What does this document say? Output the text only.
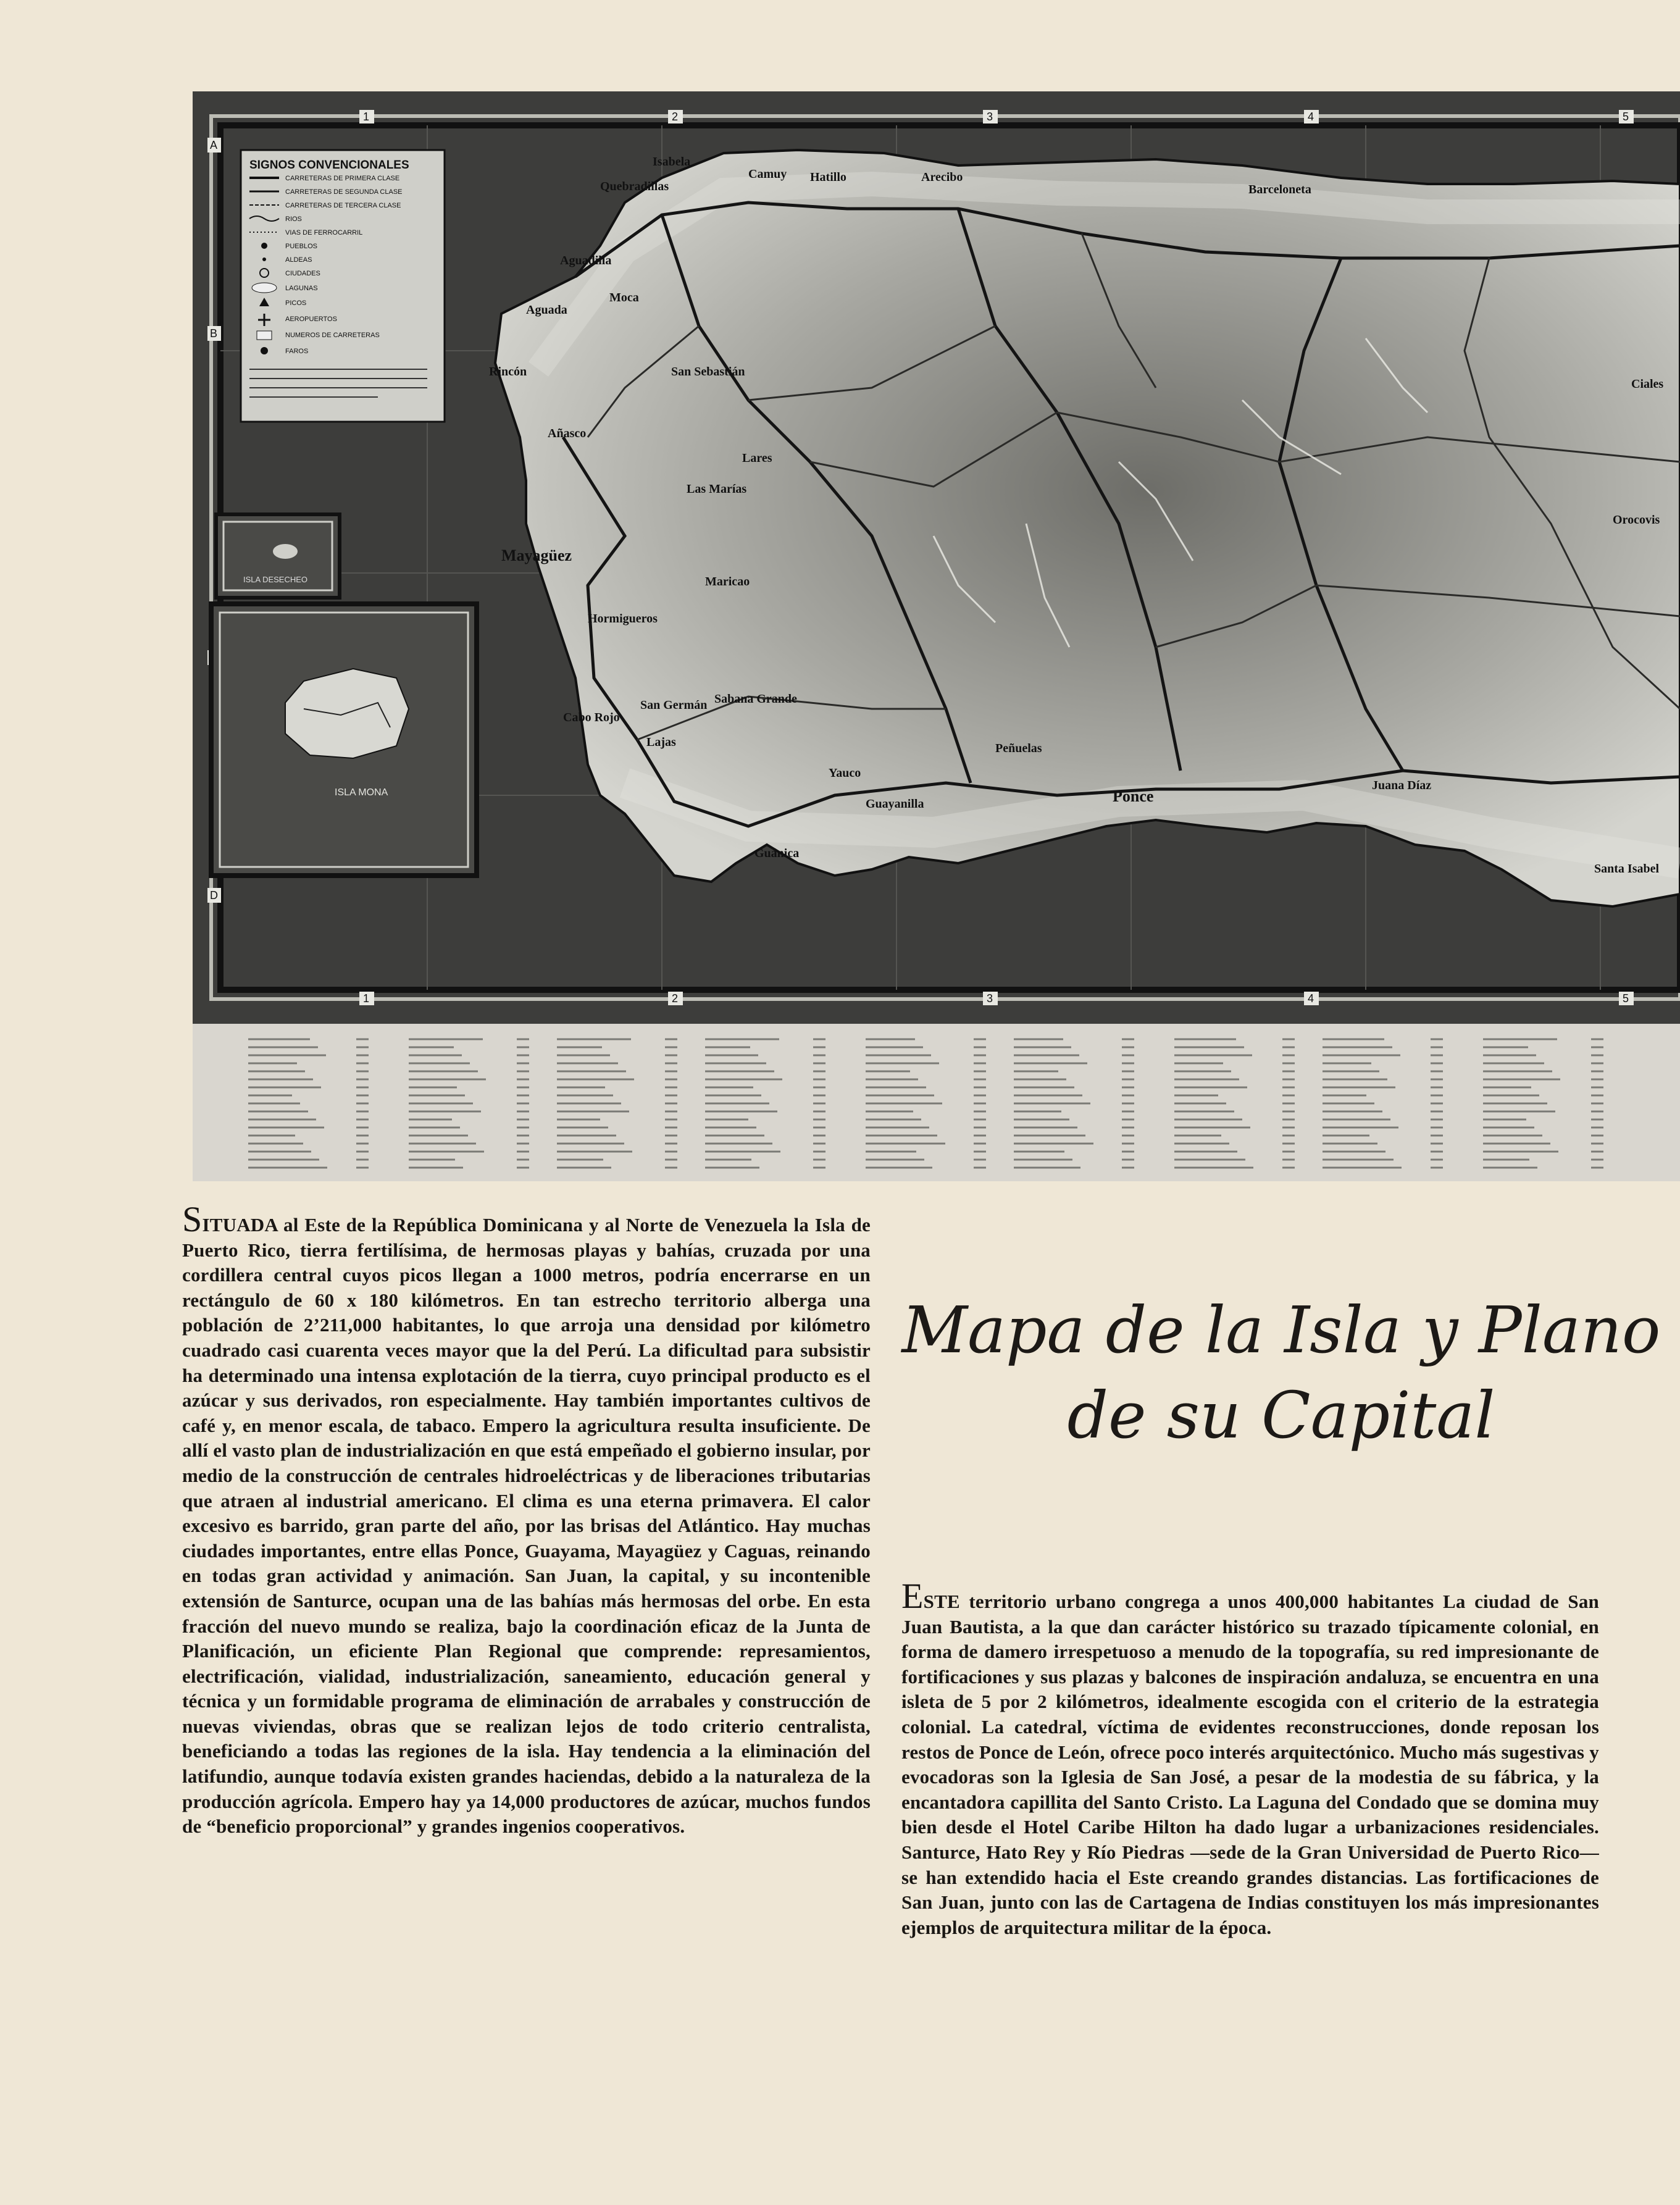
1	2	3	4	5
1	2	3	4	5
A
B
D
Isabela
Quebradillas
Camuy Hatillo	Arecibo
Barceloneta
Aguadilla
Moca
Aguada
Rincón
Añasco
San Sebastián
Lares
Las Marías
Mayagüez
Maricao
Hormigueros
San Germán Sabana Grande
Cabo Rojo
Lajas
Yauco
Guayanilla
Peñuelas
Ponce
Juana Díaz
Santa Isabel
Orocovis
Ciales
Guánica
SIGNOS CONVENCIONALES
CARRETERAS DE PRIMERA CLASE
CARRETERAS DE SEGUNDA CLASE
CARRETERAS DE TERCERA CLASE
RIOS
VIAS DE FERROCARRIL
PUEBLOS
ALDEAS
CIUDADES
LAGUNAS
PICOS
AEROPUERTOS
NUMEROS DE CARRETERAS
FAROS
ISLA DESECHEO
ISLA MONA

SITUADA al Este de la República Dominicana y al Norte de Venezuela la Isla de Puerto Rico, tierra fertilísima, de hermosas playas y bahías, cruzada por una cordillera central cuyos picos llegan a 1000 metros, podría encerrarse en un rectángulo de 60 x 180 kilómetros. En tan estrecho territorio alberga una población de 2’211,000 habitantes, lo que arroja una densidad por kilómetro cuadrado casi cuarenta veces mayor que la del Perú. La dificultad para subsistir ha determinado una intensa explotación de la tierra, cuyo principal producto es el azúcar y sus derivados, ron especialmente. Hay también importantes cultivos de café y, en menor escala, de tabaco. Empero la agricultura resulta insuficiente. De allí el vasto plan de industrialización en que está empeñado el gobierno insular, por medio de la construcción de centrales hidroeléctricas y de liberaciones tributarias que atraen al industrial americano. El clima es una eterna primavera. El calor excesivo es barrido, gran parte del año, por las brisas del Atlántico. Hay muchas ciudades importantes, entre ellas Ponce, Guayama, Mayagüez y Caguas, reinando en todas gran actividad y animación. San Juan, la capital, y su incontenible extensión de Santurce, ocupan una de las bahías más hermosas del orbe. En esta fracción del nuevo mundo se realiza, bajo la coordinación eficaz de la Junta de Planificación, un eficiente Plan Regional que comprende: represamientos, electrificación, vialidad, industrialización, saneamiento, educación general y técnica y un formidable programa de eliminación de arrabales y construcción de nuevas viviendas, obras que se realizan lejos de todo criterio centralista, beneficiando a todas las regiones de la isla. Hay tendencia a la eliminación del latifundio, aunque todavía existen grandes haciendas, debido a la naturaleza de la producción agrícola. Empero hay ya 14,000 productores de azúcar, muchos fundos de “beneficio proporcional” y grandes ingenios cooperativos.

Mapa de la Isla y Plano
de su Capital

ESTE territorio urbano congrega a unos 400,000 habitantes La ciudad de San Juan Bautista, a la que dan carácter histórico su trazado típicamente colonial, en forma de damero irrespetuoso a menudo de la topografía, su red impresionante de fortificaciones y sus plazas y balcones de inspiración andaluza, se encuentra en una isleta de 5 por 2 kilómetros, idealmente escogida con el criterio de la estrategia colonial. La catedral, víctima de evidentes reconstrucciones, donde reposan los restos de Ponce de León, ofrece poco interés arquitectónico. Mucho más sugestivas y evocadoras son la Iglesia de San José, a pesar de la modestia de su fábrica, y la encantadora capillita del Santo Cristo. La Laguna del Condado que se domina muy bien desde el Hotel Caribe Hilton ha dado lugar a urbanizaciones residenciales. Santurce, Hato Rey y Río Piedras —sede de la Gran Universidad de Puerto Rico— se han extendido hacia el Este creando grandes distancias. Las fortificaciones de San Juan, junto con las de Cartagena de Indias constituyen los más impresionantes ejemplos de arquitectura militar de la época.
